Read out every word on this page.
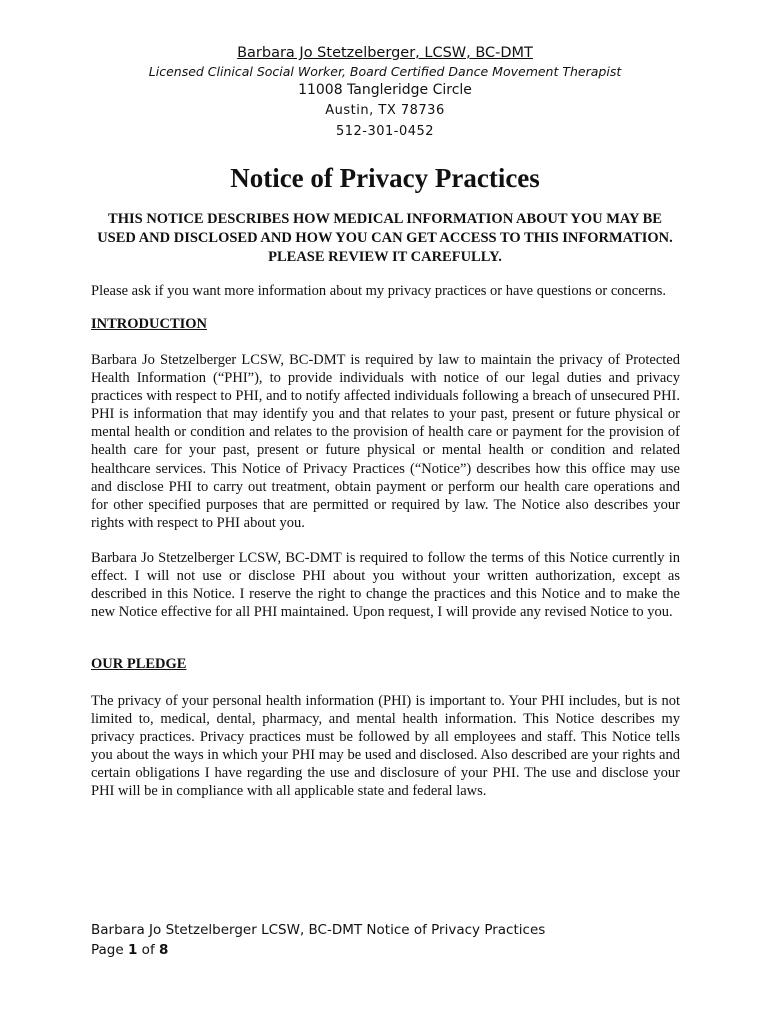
Barbara Jo Stetzelberger, LCSW, BC-DMT
Licensed Clinical Social Worker, Board Certified Dance Movement Therapist
11008 Tangleridge Circle
Austin, TX 78736
512-301-0452
Notice of Privacy Practices
THIS NOTICE DESCRIBES HOW MEDICAL INFORMATION ABOUT YOU MAY BE USED AND DISCLOSED AND HOW YOU CAN GET ACCESS TO THIS INFORMATION. PLEASE REVIEW IT CAREFULLY.
Please ask if you want more information about my privacy practices or have questions or concerns.
INTRODUCTION
Barbara Jo Stetzelberger LCSW, BC-DMT is required by law to maintain the privacy of Protected Health Information (“PHI”), to provide individuals with notice of our legal duties and privacy practices with respect to PHI, and to notify affected individuals following a breach of unsecured PHI. PHI is information that may identify you and that relates to your past, present or future physical or mental health or condition and relates to the provision of health care or payment for the provision of health care for your past, present or future physical or mental health or condition and related healthcare services. This Notice of Privacy Practices (“Notice”) describes how this office may use and disclose PHI to carry out treatment, obtain payment or perform our health care operations and for other specified purposes that are permitted or required by law. The Notice also describes your rights with respect to PHI about you.
Barbara Jo Stetzelberger LCSW, BC-DMT is required to follow the terms of this Notice currently in effect. I will not use or disclose PHI about you without your written authorization, except as described in this Notice. I reserve the right to change the practices and this Notice and to make the new Notice effective for all PHI maintained. Upon request, I will provide any revised Notice to you.
OUR PLEDGE
The privacy of your personal health information (PHI) is important to. Your PHI includes, but is not limited to, medical, dental, pharmacy, and mental health information. This Notice describes my privacy practices. Privacy practices must be followed by all employees and staff. This Notice tells you about the ways in which your PHI may be used and disclosed. Also described are your rights and certain obligations I have regarding the use and disclosure of your PHI. The use and disclose your PHI will be in compliance with all applicable state and federal laws.
Barbara Jo Stetzelberger LCSW, BC-DMT Notice of Privacy Practices
Page 1 of 8
